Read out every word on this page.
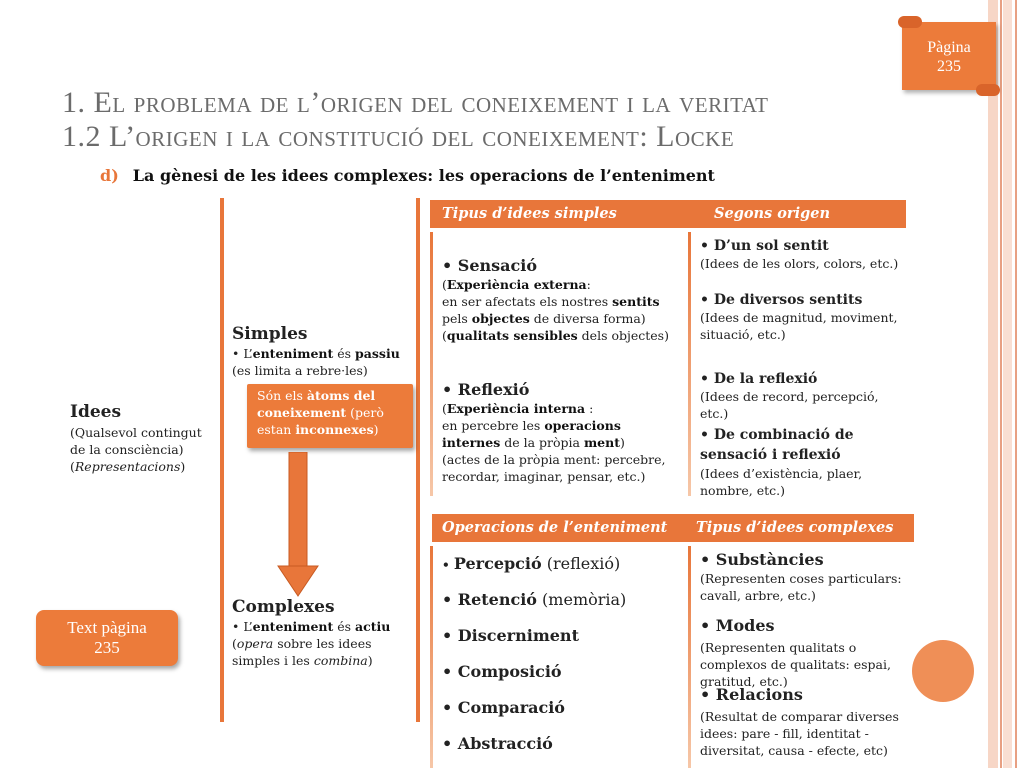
Pàgina
235
1. El problema de l’origen del coneixement i la veritat
1.2 L’origen i la constitució del coneixement: Locke
d) La gènesi de les idees complexes: les operacions de l’enteniment
Idees
(Qualsevol contingut
de la consciència)
(Representacions)
Text pàgina
235
Simples
• L’enteniment és passiu
(es limita a rebre·les)
Són els àtoms del
coneixement (però
estan inconnexes)
Complexes
• L’enteniment és actiu
(opera sobre les idees
simples i les combina)
Tipus d’idees simples	Segons origen
• Sensació
(Experiència externa:
en ser afectats els nostres sentits
pels objectes de diversa forma)
(qualitats sensibles dels objectes)
• Reflexió
(Experiència interna :
en percebre les operacions
internes de la pròpia ment)
(actes de la pròpia ment: percebre,
recordar, imaginar, pensar, etc.)
• D’un sol sentit
(Idees de les olors, colors, etc.)
• De diversos sentits
(Idees de magnitud, moviment, situació, etc.)
• De la reflexió
(Idees de record, percepció, etc.)
• De combinació de sensació i reflexió
(Idees d’existència, plaer, nombre, etc.)
Operacions de l’enteniment Tipus d’idees complexes
• Percepció (reflexió)
• Retenció (memòria)
• Discerniment
• Composició
• Comparació
• Abstracció
• Substàncies
(Representen coses particulars: cavall, arbre, etc.)
• Modes
(Representen qualitats o complexos de qualitats: espai, gratitud, etc.)
• Relacions
(Resultat de comparar diverses idees: pare - fill, identitat - diversitat, causa - efecte, etc)
